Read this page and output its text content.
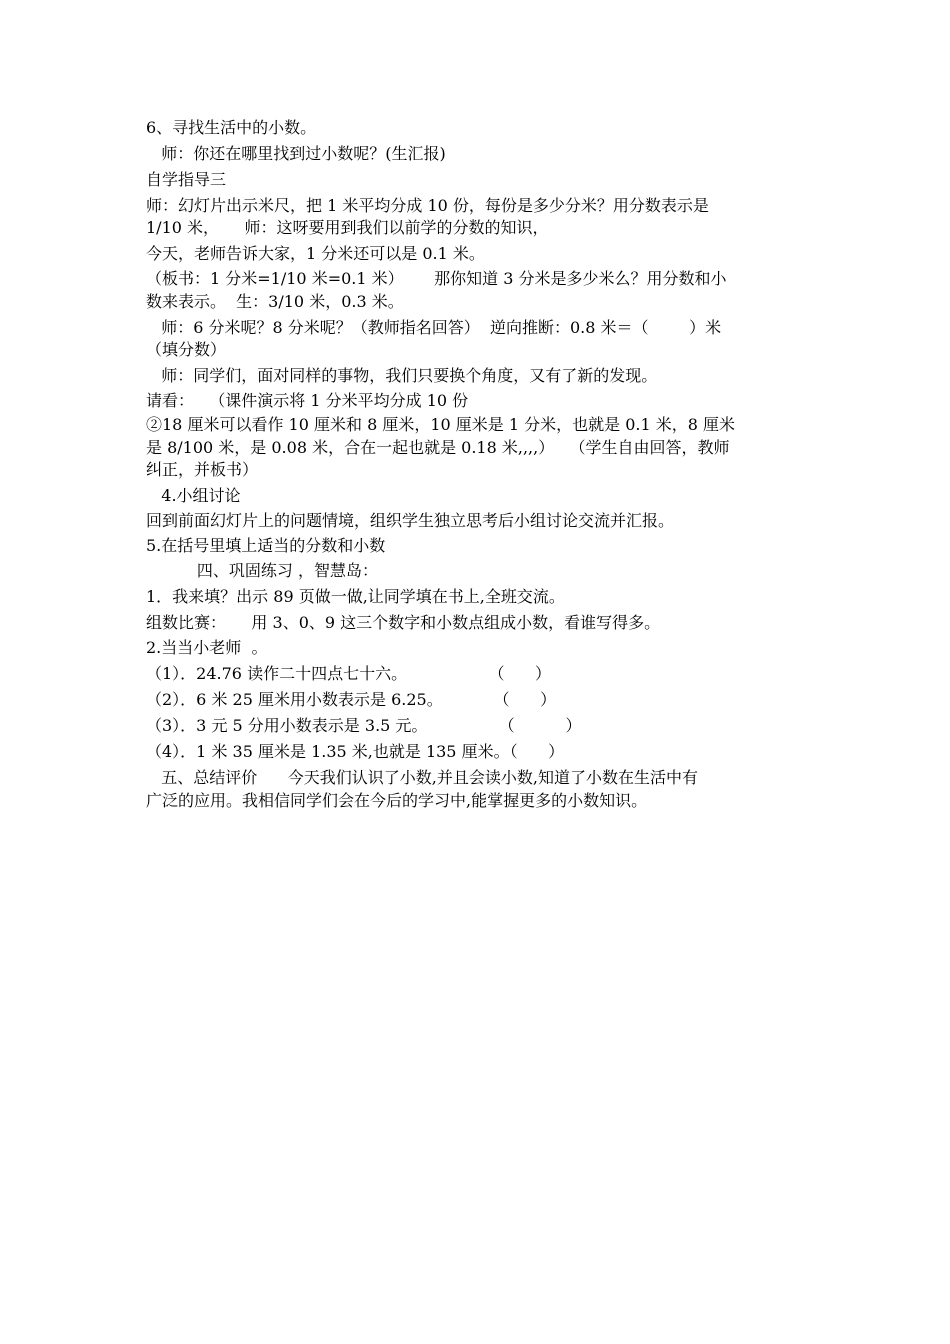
6、寻找生活中的小数。
师：你还在哪里找到过小数呢？(生汇报)
自学指导三
师：幻灯片出示米尺，把 1 米平均分成 10 份，每份是多少分米？用分数表示是
1/10 米，     师：这呀要用到我们以前学的分数的知识，
今天，老师告诉大家，1 分米还可以是 0.1 米。
（板书：1 分米=1/10 米=0.1 米）      那你知道 3 分米是多少米么？用分数和小
数来表示。  生：3/10 米，0.3 米。
师：6 分米呢？8 分米呢？（教师指名回答）  逆向推断：0.8 米＝（        ）米
（填分数）
师：同学们，面对同样的事物，我们只要换个角度，又有了新的发现。
请看：   （课件演示将 1 分米平均分成 10 份
②18 厘米可以看作 10 厘米和 8 厘米，10 厘米是 1 分米，也就是 0.1 米，8 厘米
是 8/100 米，是 0.08 米，合在一起也就是 0.18 米,,,,）   （学生自由回答，教师
纠正，并板书）
4.小组讨论
回到前面幻灯片上的问题情境，组织学生独立思考后小组讨论交流并汇报。
5.在括号里填上适当的分数和小数
四、巩固练习 ，智慧岛：
1．我来填？出示 89 页做一做,让同学填在书上,全班交流。
组数比赛：     用 3、0、9 这三个数字和小数点组成小数，看谁写得多。
2.当当小老师  。
（1）．24.76 读作二十四点七十六。                （      ）
（2）．6 米 25 厘米用小数表示是 6.25。          （      ）
（3）．3 元 5 分用小数表示是 3.5 元。              （          ）
（4）．1 米 35 厘米是 1.35 米,也就是 135 厘米。（      ）
五、总结评价      今天我们认识了小数,并且会读小数,知道了小数在生活中有
广泛的应用。我相信同学们会在今后的学习中,能掌握更多的小数知识。
